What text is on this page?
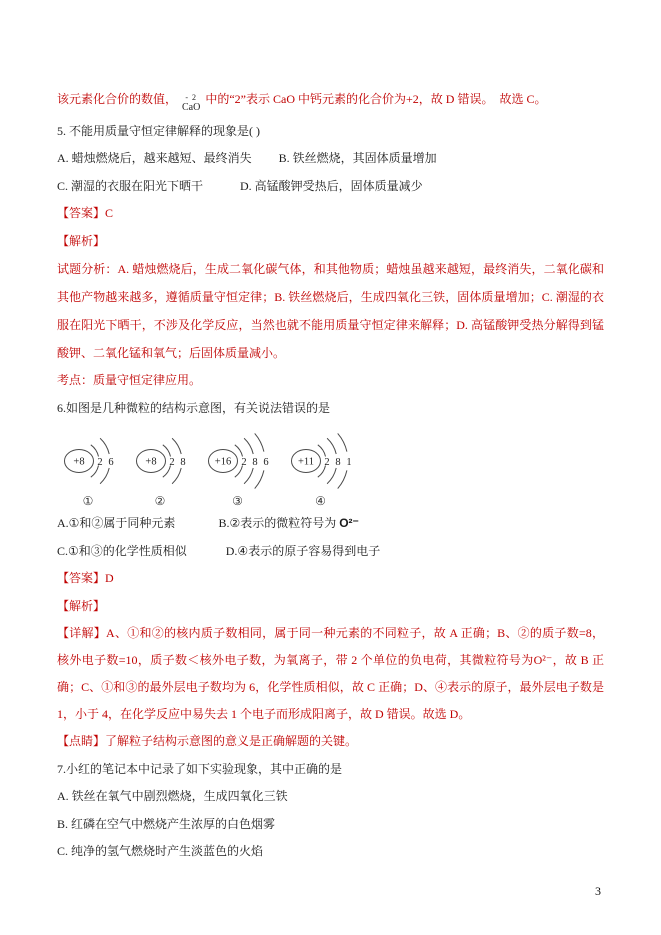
该元素化合价的数值，	- 2
CaO
中的“2”表示 CaO 中钙元素的化合价为+2，故 D 错误。　故选 C。
5. 不能用质量守恒定律解释的现象是( )
A. 蜡烛燃烧后，越来越短、最终消失 B. 铁丝燃烧，其固体质量增加
C. 潮湿的衣服在阳光下晒干	D. 高锰酸钾受热后，固体质量减少
【答案】C
【解析】
试题分析：A. 蜡烛燃烧后，生成二氧化碳气体，和其他物质；蜡烛虽越来越短，最终消失，二氧化碳和其他产物越来越多，遵循质量守恒定律；B. 铁丝燃烧后，生成四氧化三铁，固体质量增加；C. 潮湿的衣服在阳光下晒干，不涉及化学反应，当然也就不能用质量守恒定律来解释；D. 高锰酸钾受热分解得到锰酸钾、二氧化锰和氧气；后固体质量减小。
考点：质量守恒定律应用。
6.如图是几种微粒的结构示意图，有关说法错误的是
+8 2 6
①
+8 2 8
②
+16 2 8 6
③
+11 2 8 1
④
A.①和②属于同种元素	B.②表示的微粒符号为 O²⁻
C.①和③的化学性质相似	D.④表示的原子容易得到电子
【答案】D
【解析】
【详解】A、①和②的核内质子数相同，属于同一种元素的不同粒子，故 A 正确；B、②的质子数=8，核外电子数=10，质子数＜核外电子数，为氧离子，带 2 个单位的负电荷，其微粒符号为O²⁻，故 B 正确；C、①和③的最外层电子数均为 6，化学性质相似，故 C 正确；D、④表示的原子，最外层电子数是 1，小于 4，在化学反应中易失去 1 个电子而形成阳离子，故 D 错误。故选 D。
【点睛】了解粒子结构示意图的意义是正确解题的关键。
7.小红的笔记本中记录了如下实验现象，其中正确的是
A. 铁丝在氧气中剧烈燃烧，生成四氧化三铁
B. 红磷在空气中燃烧产生浓厚的白色烟雾
C. 纯净的氢气燃烧时产生淡蓝色的火焰
3
